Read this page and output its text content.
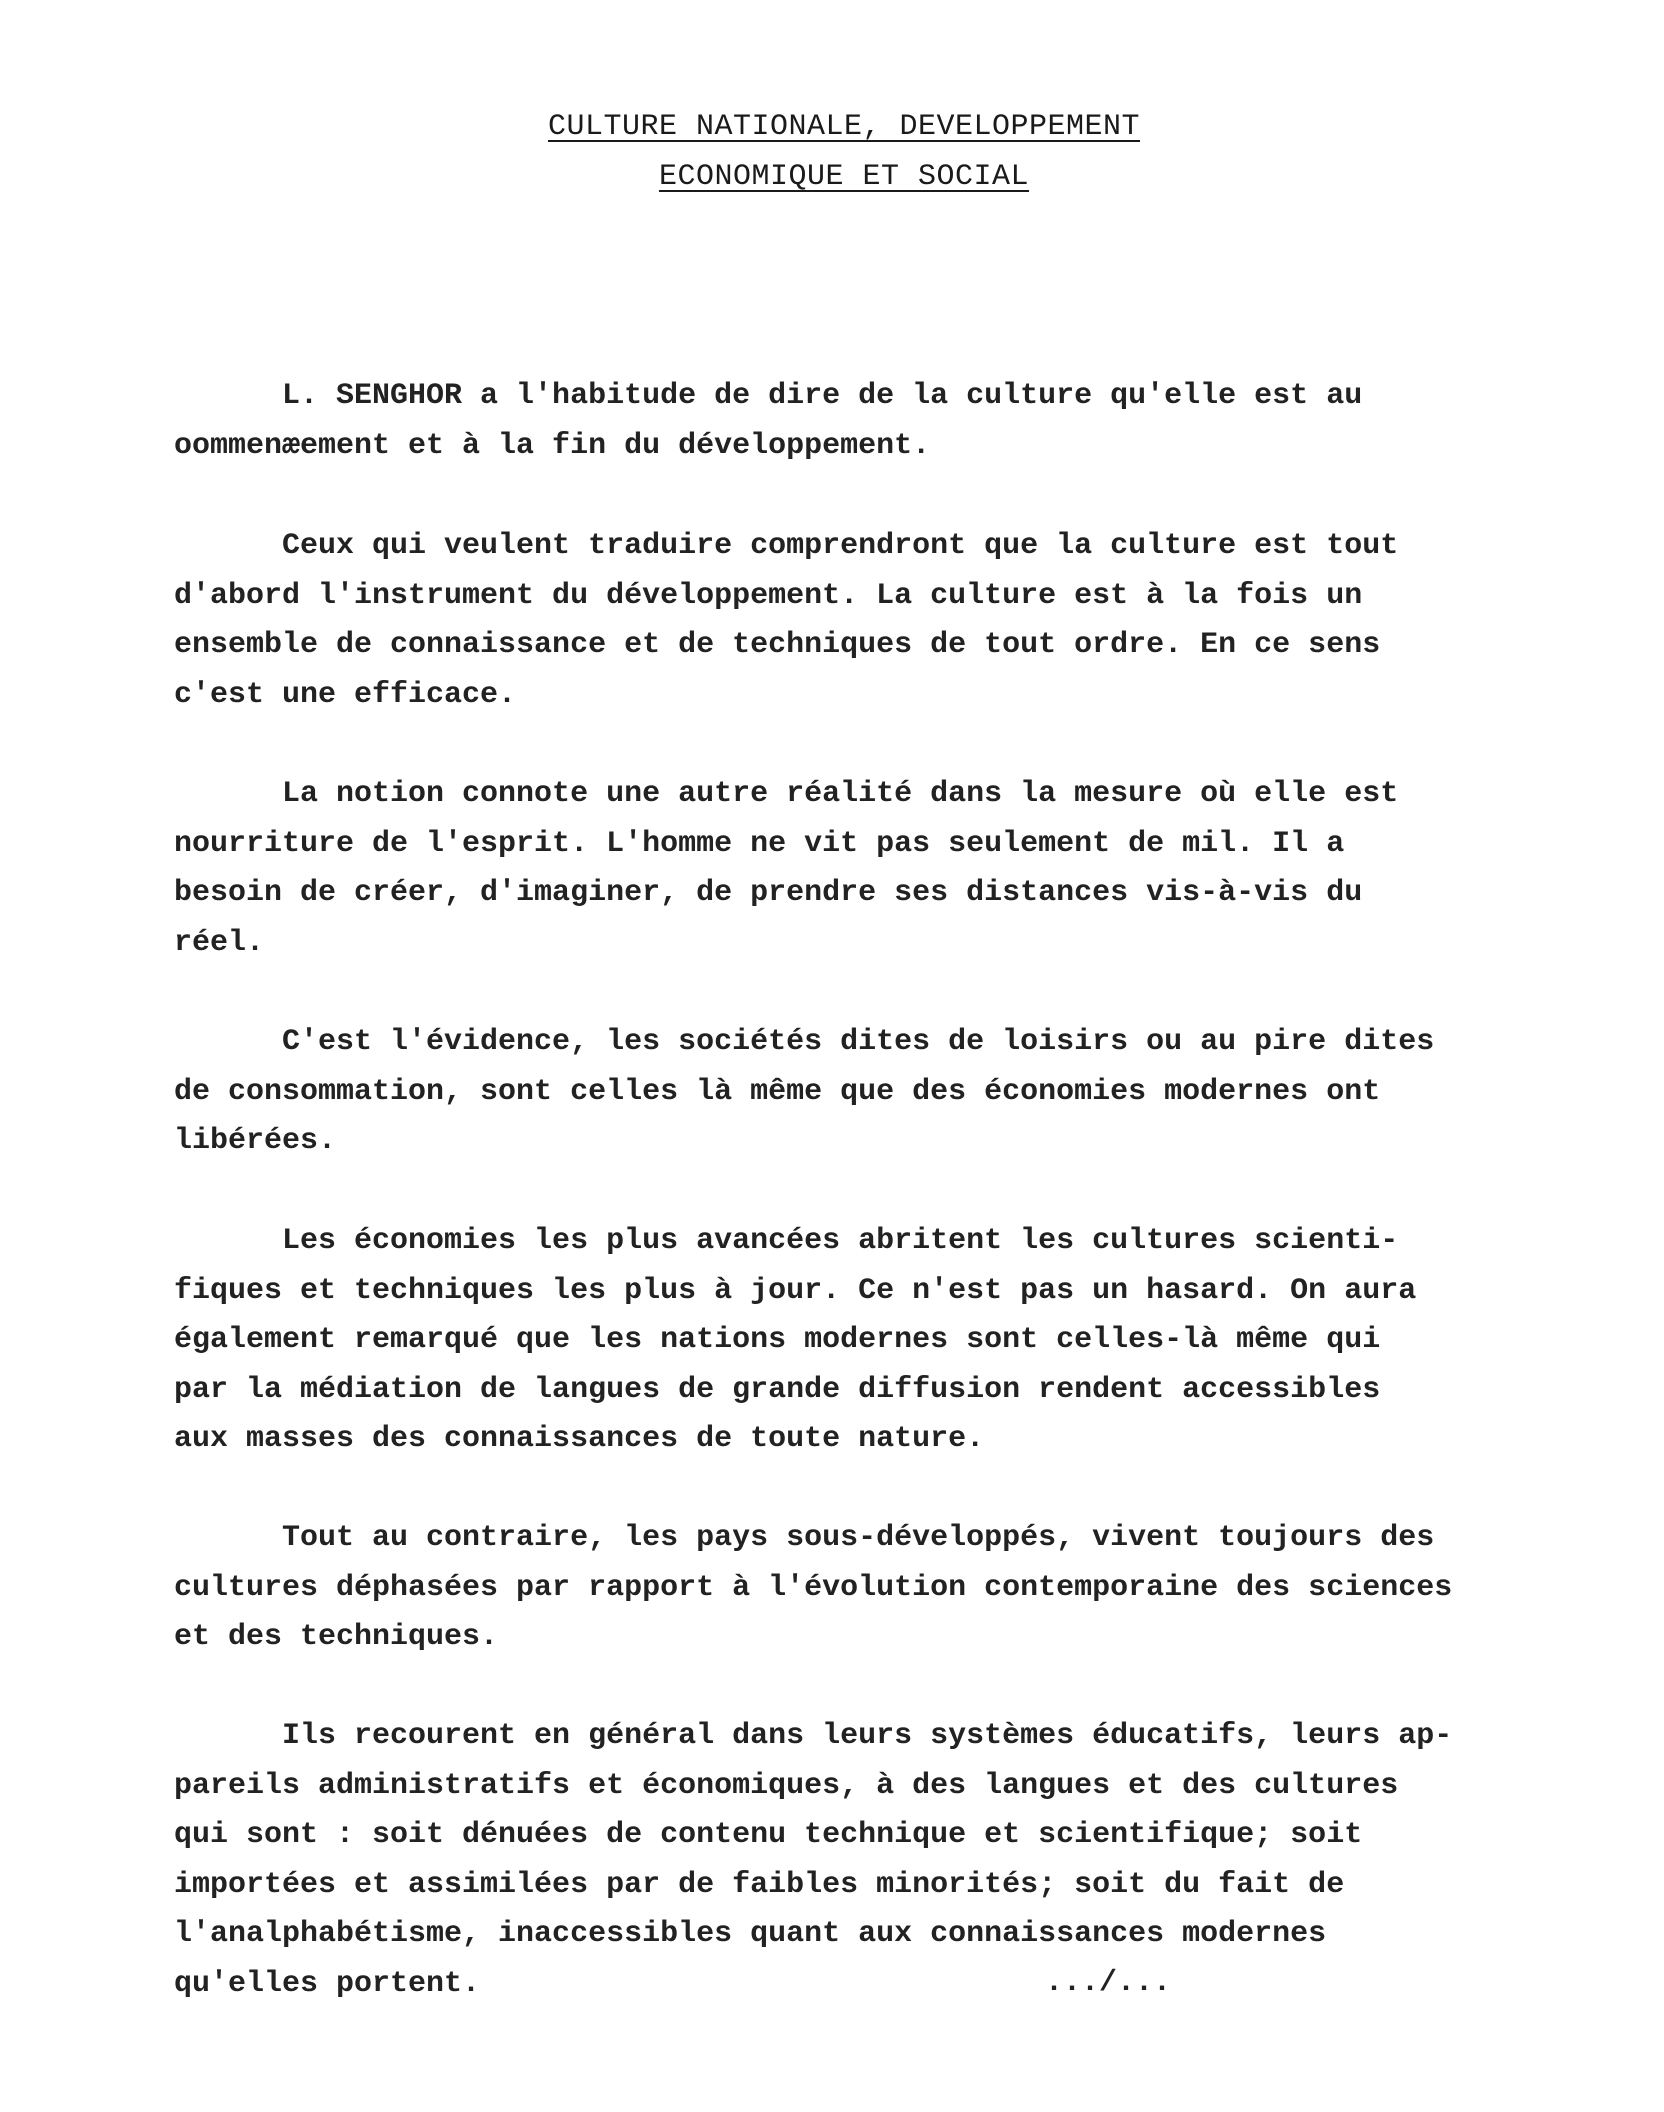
CULTURE NATIONALE, DEVELOPPEMENT
ECONOMIQUE ET SOCIAL

L. SENGHOR a l'habitude de dire de la culture qu'elle est au
oommenæement et à la fin du développement.

Ceux qui veulent traduire comprendront que la culture est tout
d'abord l'instrument du développement. La culture est à la fois un
ensemble de connaissance et de techniques de tout ordre. En ce sens
c'est une efficace.

La notion connote une autre réalité dans la mesure où elle est
nourriture de l'esprit. L'homme ne vit pas seulement de mil. Il a
besoin de créer, d'imaginer, de prendre ses distances vis-à-vis du
réel.

C'est l'évidence, les sociétés dites de loisirs ou au pire dites
de consommation, sont celles là même que des économies modernes ont
libérées.

Les économies les plus avancées abritent les cultures scienti-
fiques et techniques les plus à jour. Ce n'est pas un hasard. On aura
également remarqué que les nations modernes sont celles-là même qui
par la médiation de langues de grande diffusion rendent accessibles
aux masses des connaissances de toute nature.

Tout au contraire, les pays sous-développés, vivent toujours des
cultures déphasées par rapport à l'évolution contemporaine des sciences
et des techniques.

Ils recourent en général dans leurs systèmes éducatifs, leurs ap-
pareils administratifs et économiques, à des langues et des cultures
qui sont : soit dénuées de contenu technique et scientifique; soit
importées et assimilées par de faibles minorités; soit du fait de
l'analphabétisme, inaccessibles quant aux connaissances modernes
qu'elles portent.	.../...
